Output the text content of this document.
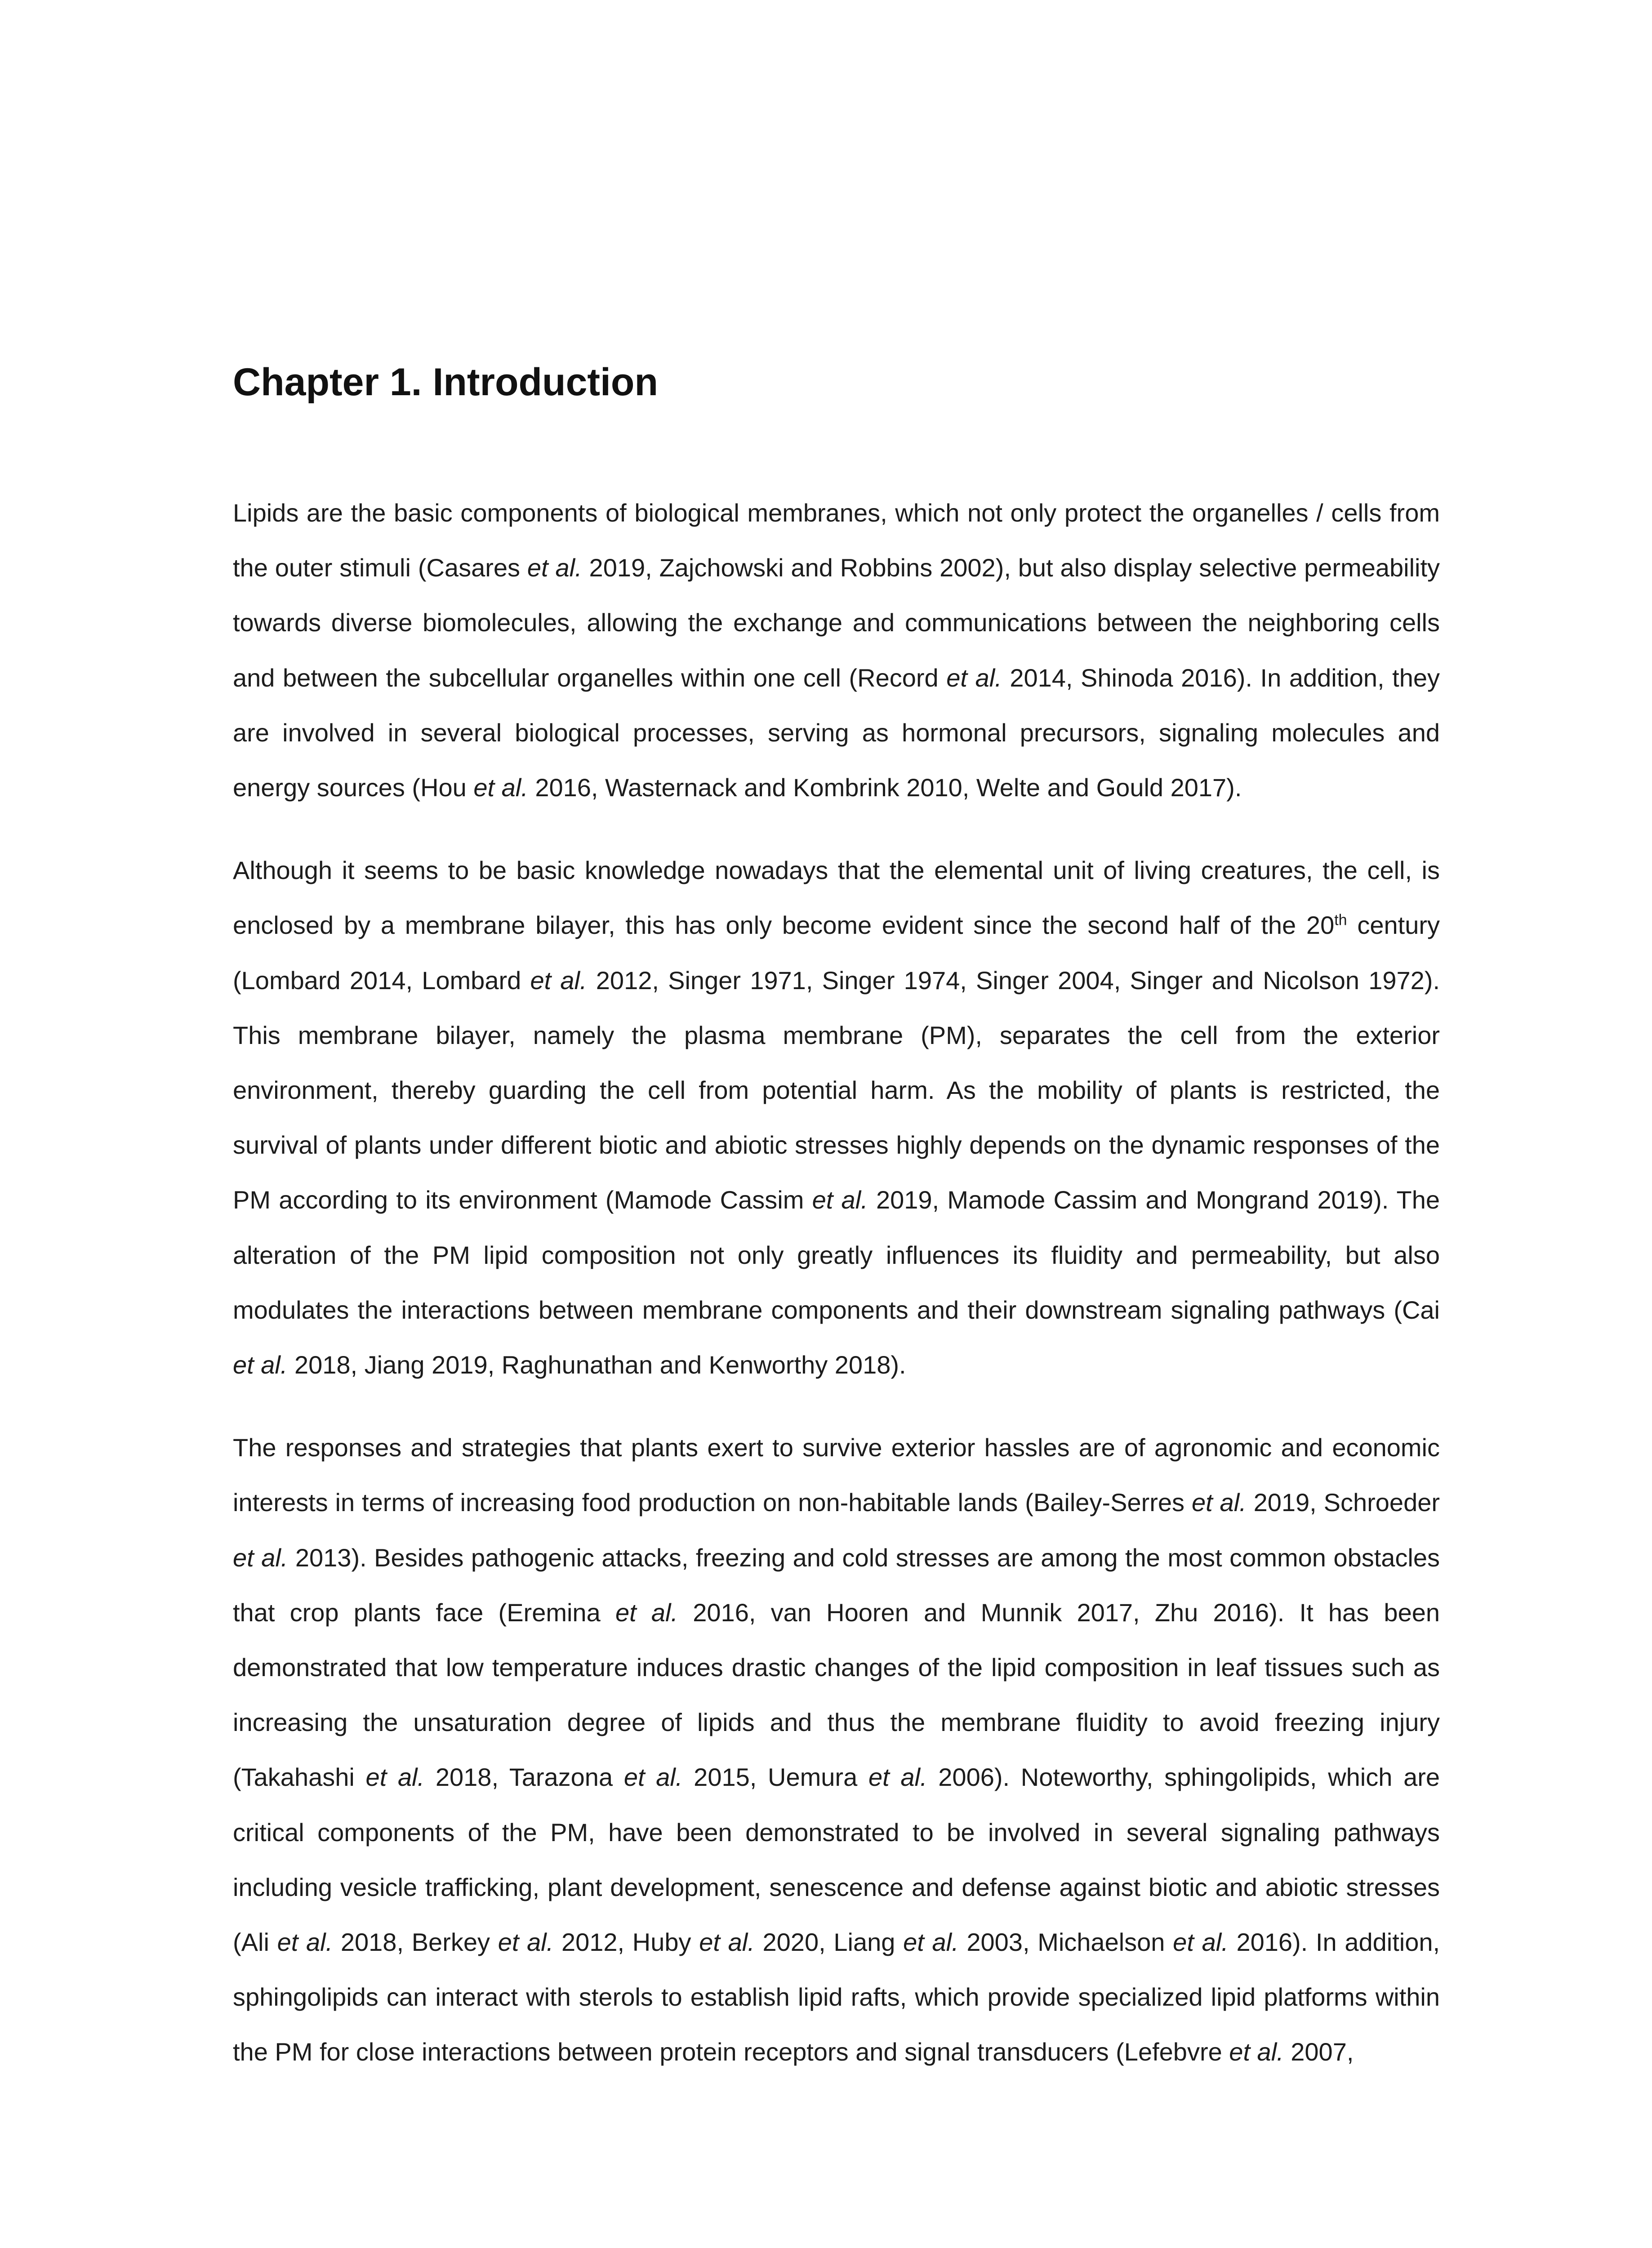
Chapter 1. Introduction

Lipids are the basic components of biological membranes, which not only protect the organelles / cells from the outer stimuli (Casares et al. 2019, Zajchowski and Robbins 2002), but also display selective permeability towards diverse biomolecules, allowing the exchange and communications between the neighboring cells and between the subcellular organelles within one cell (Record et al. 2014, Shinoda 2016). In addition, they are involved in several biological processes, serving as hormonal precursors, signaling molecules and energy sources (Hou et al. 2016, Wasternack and Kombrink 2010, Welte and Gould 2017).

Although it seems to be basic knowledge nowadays that the elemental unit of living creatures, the cell, is enclosed by a membrane bilayer, this has only become evident since the second half of the 20th century (Lombard 2014, Lombard et al. 2012, Singer 1971, Singer 1974, Singer 2004, Singer and Nicolson 1972). This membrane bilayer, namely the plasma membrane (PM), separates the cell from the exterior environment, thereby guarding the cell from potential harm. As the mobility of plants is restricted, the survival of plants under different biotic and abiotic stresses highly depends on the dynamic responses of the PM according to its environment (Mamode Cassim et al. 2019, Mamode Cassim and Mongrand 2019). The alteration of the PM lipid composition not only greatly influences its fluidity and permeability, but also modulates the interactions between membrane components and their downstream signaling pathways (Cai et al. 2018, Jiang 2019, Raghunathan and Kenworthy 2018).

The responses and strategies that plants exert to survive exterior hassles are of agronomic and economic interests in terms of increasing food production on non-habitable lands (Bailey-Serres et al. 2019, Schroeder et al. 2013). Besides pathogenic attacks, freezing and cold stresses are among the most common obstacles that crop plants face (Eremina et al. 2016, van Hooren and Munnik 2017, Zhu 2016). It has been demonstrated that low temperature induces drastic changes of the lipid composition in leaf tissues such as increasing the unsaturation degree of lipids and thus the membrane fluidity to avoid freezing injury (Takahashi et al. 2018, Tarazona et al. 2015, Uemura et al. 2006). Noteworthy, sphingolipids, which are critical components of the PM, have been demonstrated to be involved in several signaling pathways including vesicle trafficking, plant development, senescence and defense against biotic and abiotic stresses (Ali et al. 2018, Berkey et al. 2012, Huby et al. 2020, Liang et al. 2003, Michaelson et al. 2016). In addition, sphingolipids can interact with sterols to establish lipid rafts, which provide specialized lipid platforms within the PM for close interactions between protein receptors and signal transducers (Lefebvre et al. 2007,
